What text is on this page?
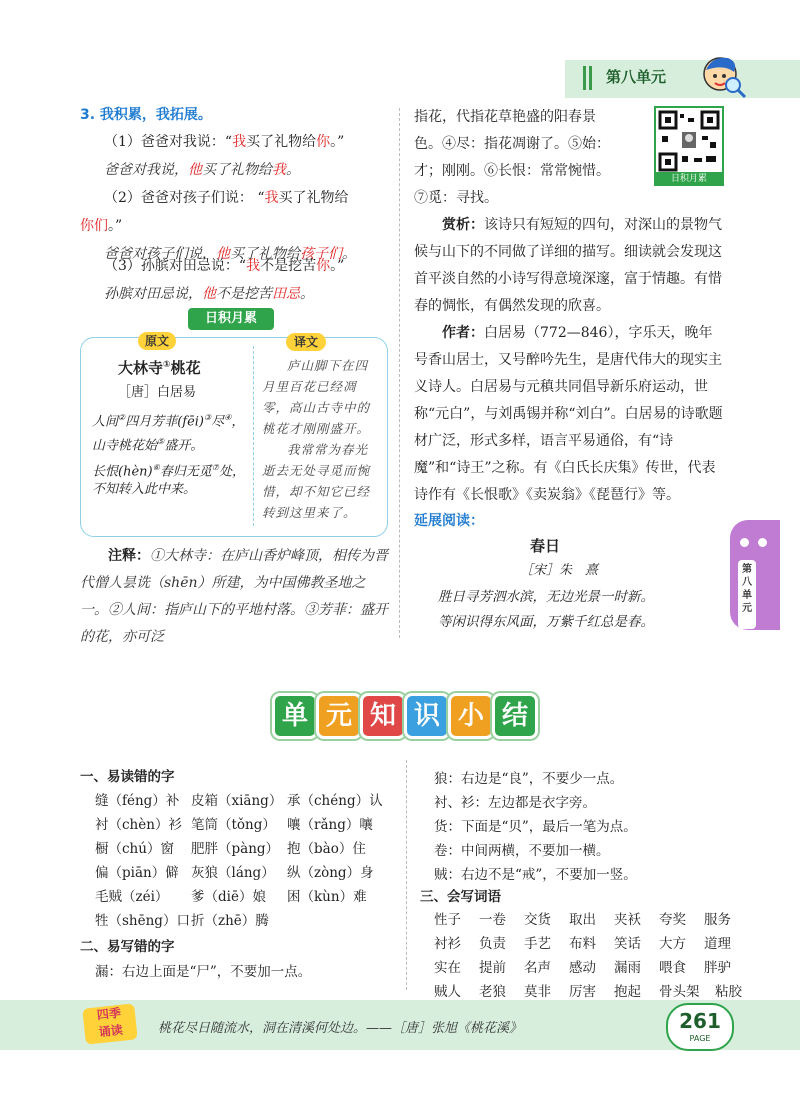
第八单元
3. 我积累，我拓展。
（1）爸爸对我说：“我买了礼物给你。”
爸爸对我说，他买了礼物给我。
（2）爸爸对孩子们说： “我买了礼物给
你们。”
爸爸对孩子们说，他买了礼物给孩子们。
（3）孙膑对田忌说：“我不是挖苦你。”
孙膑对田忌说，他不是挖苦田忌。
日积月累
原文	译文
大林寺①桃花
［唐］白居易
人间②四月芳菲(fēi)③尽④，
山寺桃花始⑤盛开。
长恨(hèn)⑥春归无觅⑦处，
不知转入此中来。
庐山脚下在四月里百花已经凋零，高山古寺中的桃花才刚刚盛开。
我常常为春光逝去无处寻觅而惋惜，却不知它已经转到这里来了。
注释：①大林寺：在庐山香炉峰顶，相传为晋代僧人昙诜（shēn）所建，为中国佛教圣地之一。②人间：指庐山下的平地村落。③芳菲：盛开的花，亦可泛
指花，代指花草艳盛的阳春景
色。④尽：指花凋谢了。⑤始：
才；刚刚。⑥长恨：常常惋惜。
⑦觅：寻找。
日积月累
赏析：该诗只有短短的四句，对深山的景物气候与山下的不同做了详细的描写。细读就会发现这首平淡自然的小诗写得意境深邃，富于情趣。有惜春的惆怅，有偶然发现的欣喜。
作者：白居易（772—846），字乐天，晚年号香山居士，又号醉吟先生，是唐代伟大的现实主义诗人。白居易与元稹共同倡导新乐府运动，世称“元白”，与刘禹锡并称“刘白”。白居易的诗歌题材广泛，形式多样，语言平易通俗，有“诗魔”和“诗王”之称。有《白氏长庆集》传世，代表诗作有《长恨歌》《卖炭翁》《琵琶行》等。
延展阅读：
春日
［宋］朱　熹
胜日寻芳泗水滨，无边光景一时新。
等闲识得东风面，万紫千红总是春。
第八单元
单 元 知 识 小 结
一、易读错的字
缝（féng）补 皮箱（xiāng） 承（chéng）认
衬（chèn）衫 笔筒（tǒng） 嚷（rǎng）嚷
橱（chú）窗 肥胖（pàng） 抱（bào）住
偏（piān）僻 灰狼（láng） 纵（zòng）身
毛贼（zéi） 爹（diē）娘 困（kùn）难
牲（shēng）口折（zhē）腾
二、易写错的字
漏：右边上面是“尸”，不要加一点。
狼：右边是“良”，不要少一点。
衬、衫：左边都是衣字旁。
货：下面是“贝”，最后一笔为点。
卷：中间两横，不要加一横。
贼：右边不是“戒”，不要加一竖。
三、会写词语
性子 一卷 交货 取出 夹袄 夸奖 服务
衬衫 负责 手艺 布料 笑话 大方 道理
实在 提前 名声 感动 漏雨 喂食 胖驴
贼人 老狼 莫非 厉害 抱起 骨头架 粘胶
四季
诵读	桃花尽日随流水，洞在清溪何处边。——［唐］张旭《桃花溪》	261
PAGE
